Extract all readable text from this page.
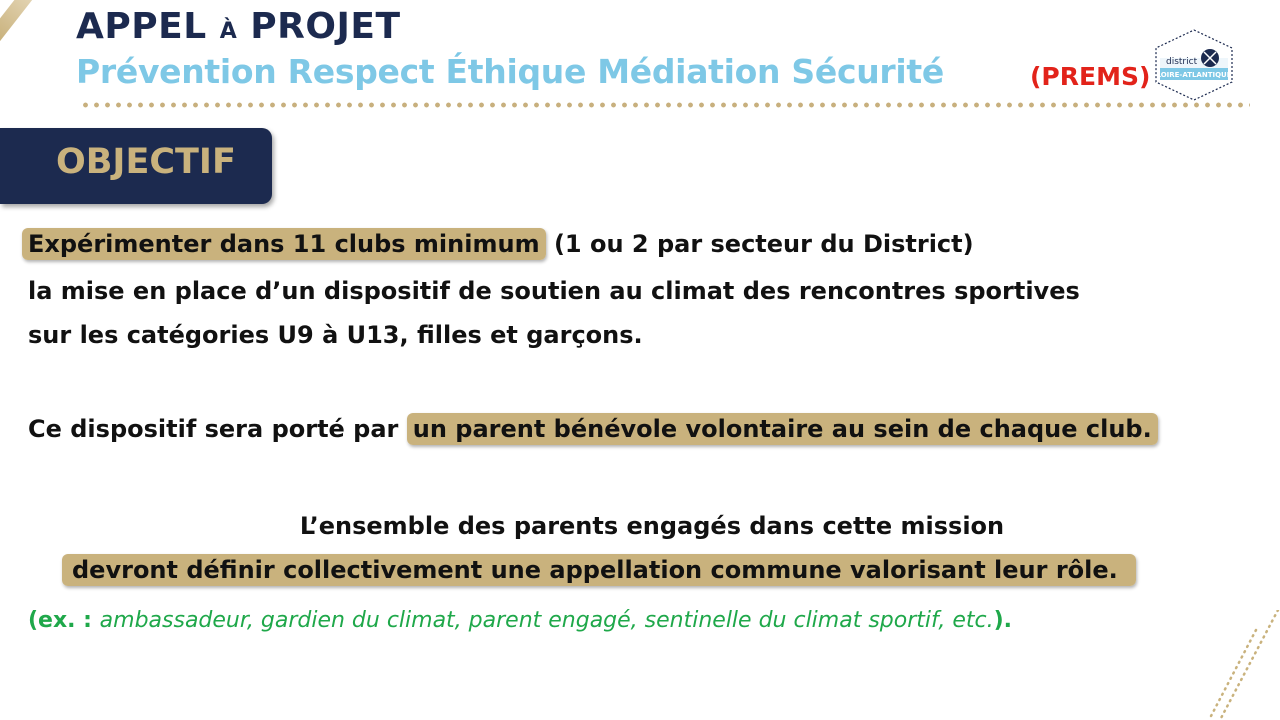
APPEL À PROJET
Prévention Respect Éthique Médiation Sécurité	(PREMS) district
LOIRE-ATLANTIQUE
OBJECTIF

Expérimenter dans 11 clubs minimum (1 ou 2 par secteur du District)

la mise en place d’un dispositif de soutien au climat des rencontres sportives

sur les catégories U9 à U13, filles et garçons.

Ce dispositif sera porté par un parent bénévole volontaire au sein de chaque club.

L’ensemble des parents engagés dans cette mission

devront définir collectivement une appellation commune valorisant leur rôle.

(ex. : ambassadeur, gardien du climat, parent engagé, sentinelle du climat sportif, etc.).
